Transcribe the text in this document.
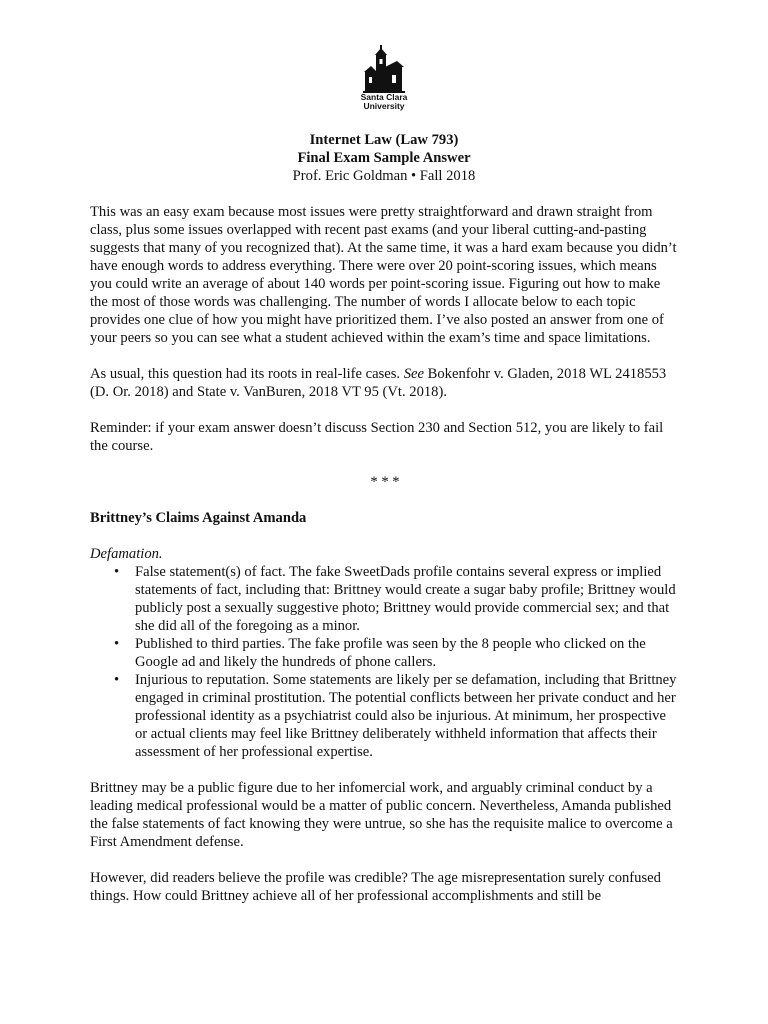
Santa Clara
University
Internet Law (Law 793)
Final Exam Sample Answer
Prof. Eric Goldman • Fall 2018

This was an easy exam because most issues were pretty straightforward and drawn straight from class, plus some issues overlapped with recent past exams (and your liberal cutting-and-pasting suggests that many of you recognized that). At the same time, it was a hard exam because you didn’t have enough words to address everything. There were over 20 point-scoring issues, which means you could write an average of about 140 words per point-scoring issue. Figuring out how to make the most of those words was challenging. The number of words I allocate below to each topic provides one clue of how you might have prioritized them. I’ve also posted an answer from one of your peers so you can see what a student achieved within the exam’s time and space limitations.

As usual, this question had its roots in real-life cases. See Bokenfohr v. Gladen, 2018 WL 2418553 (D. Or. 2018) and State v. VanBuren, 2018 VT 95 (Vt. 2018).

Reminder: if your exam answer doesn’t discuss Section 230 and Section 512, you are likely to fail the course.

* * *
Brittney’s Claims Against Amanda
Defamation.
• False statement(s) of fact. The fake SweetDads profile contains several express or implied statements of fact, including that: Brittney would create a sugar baby profile; Brittney would publicly post a sexually suggestive photo; Brittney would provide commercial sex; and that she did all of the foregoing as a minor.
• Published to third parties. The fake profile was seen by the 8 people who clicked on the Google ad and likely the hundreds of phone callers.
• Injurious to reputation. Some statements are likely per se defamation, including that Brittney engaged in criminal prostitution. The potential conflicts between her private conduct and her professional identity as a psychiatrist could also be injurious. At minimum, her prospective or actual clients may feel like Brittney deliberately withheld information that affects their assessment of her professional expertise.

Brittney may be a public figure due to her infomercial work, and arguably criminal conduct by a leading medical professional would be a matter of public concern. Nevertheless, Amanda published the false statements of fact knowing they were untrue, so she has the requisite malice to overcome a First Amendment defense.

However, did readers believe the profile was credible? The age misrepresentation surely confused things. How could Brittney achieve all of her professional accomplishments and still be
